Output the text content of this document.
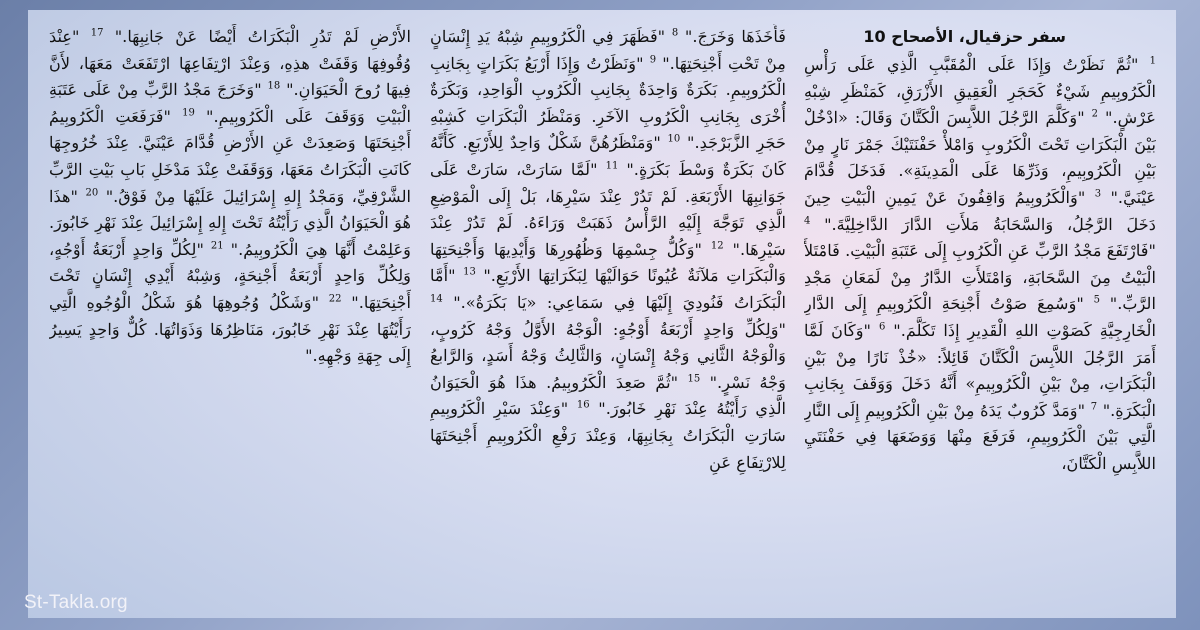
سفر حزقيال، الأصحاح 10
$^1$ "ثُمَّ نَظَرْتُ وَإِذَا عَلَى الْمُقَبَّبِ الَّذِي عَلَى رَأْسِ الْكَرُوبِيمِ شَيْءٌ كَحَجَرِ الْعَقِيقِ الأَزْرَقِ، كَمَنْظَرِ شِبْهِ عَرْشٍ." $^2$ "وَكَلَّمَ الرَّجُلَ اللاَّبِسَ الْكَتَّانَ وَقَالَ: «ادْخُلْ بَيْنَ الْبَكَرَاتِ تَحْتَ الْكَرُوبِ وَامْلأْ حَفْنَتَيْكَ جَمْرَ نَارٍ مِنْ بَيْنِ الْكَرُوبِيمِ، وَذَرِّهَا عَلَى الْمَدِينَةِ». فَدَخَلَ قُدَّامَ عَيْنَيَّ." $^3$ "وَالْكَرُوبِيمُ وَاقِفُونَ عَنْ يَمِينِ الْبَيْتِ حِينَ دَخَلَ الرَّجُلُ، وَالسَّحَابَةُ مَلأَتِ الدَّارَ الدَّاخِلِيَّةَ." $^4$ "فَارْتَفَعَ مَجْدُ الرَّبِّ عَنِ الْكَرُوبِ إِلَى عَتَبَةِ الْبَيْتِ. فَامْتَلأَ الْبَيْتُ مِنَ السَّحَابَةِ، وَامْتَلأَتِ الدَّارُ مِنْ لَمَعَانِ مَجْدِ الرَّبِّ." $^5$ "وَسُمِعَ صَوْتُ أَجْنِحَةِ الْكَرُوبِيمِ إِلَى الدَّارِ الْخَارِجِيَّةِ كَصَوْتِ اللهِ الْقَدِيرِ إِذَا تَكَلَّمَ." $^6$ "وَكَانَ لَمَّا أَمَرَ الرَّجُلَ اللاَّبِسَ الْكَتَّانَ قَائِلاً: «خُذْ نَارًا مِنْ بَيْنِ الْبَكَرَاتِ، مِنْ بَيْنِ الْكَرُوبِيمِ» أَنَّهُ دَخَلَ وَوَقَفَ بِجَانِبِ الْبَكَرَةِ." $^7$ "وَمَدَّ كَرُوبٌ يَدَهُ مِنْ بَيْنِ الْكَرُوبِيمِ إِلَى النَّارِ الَّتِي بَيْنَ الْكَرُوبِيمِ، فَرَفَعَ مِنْهَا وَوَضَعَهَا فِي حَفْنَتَيِ اللاَّبِسِ الْكَتَّانَ،
فَأَخَذَهَا وَخَرَجَ." $^8$ "فَظَهَرَ فِي الْكَرُوبِيمِ شِبْهُ يَدِ إِنْسَانٍ مِنْ تَحْتِ أَجْنِحَتِهَا." $^9$ "وَنَظَرْتُ وَإِذَا أَرْبَعُ بَكَرَاتٍ بِجَانِبِ الْكَرُوبِيمِ. بَكَرَةٌ وَاحِدَةٌ بِجَانِبِ الْكَرُوبِ الْوَاحِدِ، وَبَكَرَةٌ أُخْرَى بِجَانِبِ الْكَرُوبِ الآخَرِ. وَمَنْظَرُ الْبَكَرَاتِ كَشِبْهِ حَجَرِ الزَّبَرْجَدِ." $^{10}$ "وَمَنْظَرُهُنَّ شَكْلٌ وَاحِدٌ لِلأَرْبَعِ. كَأَنَّهُ كَانَ بَكَرَةٌ وَسْطَ بَكَرَةٍ." $^{11}$ "لَمَّا سَارَتْ، سَارَتْ عَلَى جَوَانِبِهَا الأَرْبَعَةِ. لَمْ تَدُرْ عِنْدَ سَيْرِهَا، بَلْ إِلَى الْمَوْضِعِ الَّذِي تَوَجَّهَ إِلَيْهِ الرَّأْسُ ذَهَبَتْ وَرَاءَهُ. لَمْ تَدُرْ عِنْدَ سَيْرِهَا." $^{12}$ "وَكُلُّ جِسْمِهَا وَظُهُورِهَا وَأَيْدِيهَا وَأَجْنِحَتِهَا وَالْبَكَرَاتِ مَلآنَةٌ عُيُونًا حَوَالَيْهَا لِبَكَرَاتِهَا الأَرْبَعِ." $^{13}$ "أَمَّا الْبَكَرَاتُ فَنُودِيَ إِلَيْهَا فِي سَمَاعِي: «يَا بَكَرَةُ»." $^{14}$ "وَلِكُلِّ وَاحِدٍ أَرْبَعَةُ أَوْجُهٍ: الْوَجْهُ الأَوَّلُ وَجْهُ كَرُوبٍ، وَالْوَجْهُ الثَّانِي وَجْهُ إِنْسَانٍ، وَالثَّالِثُ وَجْهُ أَسَدٍ، وَالرَّابعُ وَجْهُ نَسْرٍ." $^{15}$ "ثُمَّ صَعِدَ الْكَرُوبِيمُ. هذَا هُوَ الْحَيَوَانُ الَّذِي رَأَيْتُهُ عِنْدَ نَهْرِ خَابُورَ." $^{16}$ "وَعِنْدَ سَيْرِ الْكَرُوبِيمِ سَارَتِ الْبَكَرَاتُ بِجَانِبِهَا، وَعِنْدَ رَفْعِ الْكَرُوبِيمِ أَجْنِحَتَهَا لِلارْتِفَاعِ عَنِ
الأَرْضِ لَمْ تَدُرِ الْبَكَرَاتُ أَيْضًا عَنْ جَانِبِهَا." $^{17}$ "عِنْدَ وُقُوفِهَا وَقَفَتْ هذِهِ، وَعِنْدَ ارْتِفَاعِهَا ارْتَفَعَتْ مَعَهَا، لأَنَّ فِيهَا رُوحَ الْحَيَوَانِ." $^{18}$ "وَخَرَجَ مَجْدُ الرَّبِّ مِنْ عَلَى عَتَبَةِ الْبَيْتِ وَوَقَفَ عَلَى الْكَرُوبِيمِ." $^{19}$ "فَرَفَعَتِ الْكَرُوبِيمُ أَجْنِحَتَهَا وَصَعِدَتْ عَنِ الأَرْضِ قُدَّامَ عَيْنَيَّ. عِنْدَ خُرُوجِهَا كَانَتِ الْبَكَرَاتُ مَعَهَا، وَوَقَفَتْ عِنْدَ مَدْخَلِ بَابِ بَيْتِ الرَّبِّ الشَّرْقِيِّ، وَمَجْدُ إِلهِ إِسْرَائِيلَ عَلَيْهَا مِنْ فَوْقُ." $^{20}$ "هذَا هُوَ الْحَيَوَانُ الَّذِي رَأَيْتُهُ تَحْتَ إِلهِ إِسْرَائِيلَ عِنْدَ نَهْرِ خَابُورَ. وَعَلِمْتُ أَنَّهَا هِيَ الْكَرُوبِيمُ." $^{21}$ "لِكُلِّ وَاحِدٍ أَرْبَعَةُ أَوْجُهٍ، وَلِكُلِّ وَاحِدٍ أَرْبَعَةُ أَجْنِحَةٍ، وَشِبْهُ أَيْدِي إِنْسَانٍ تَحْتَ أَجْنِحَتِهَا." $^{22}$ "وَشَكْلُ وُجُوهِهَا هُوَ شَكْلُ الْوُجُوهِ الَّتِي رَأَيْتُهَا عِنْدَ نَهْرِ خَابُورَ، مَنَاظِرُهَا وَذَوَاتُهَا. كُلٌّ وَاحِدٍ يَسِيرُ إِلَى جِهَةِ وَجْهِهِ."
St-Takla.org
